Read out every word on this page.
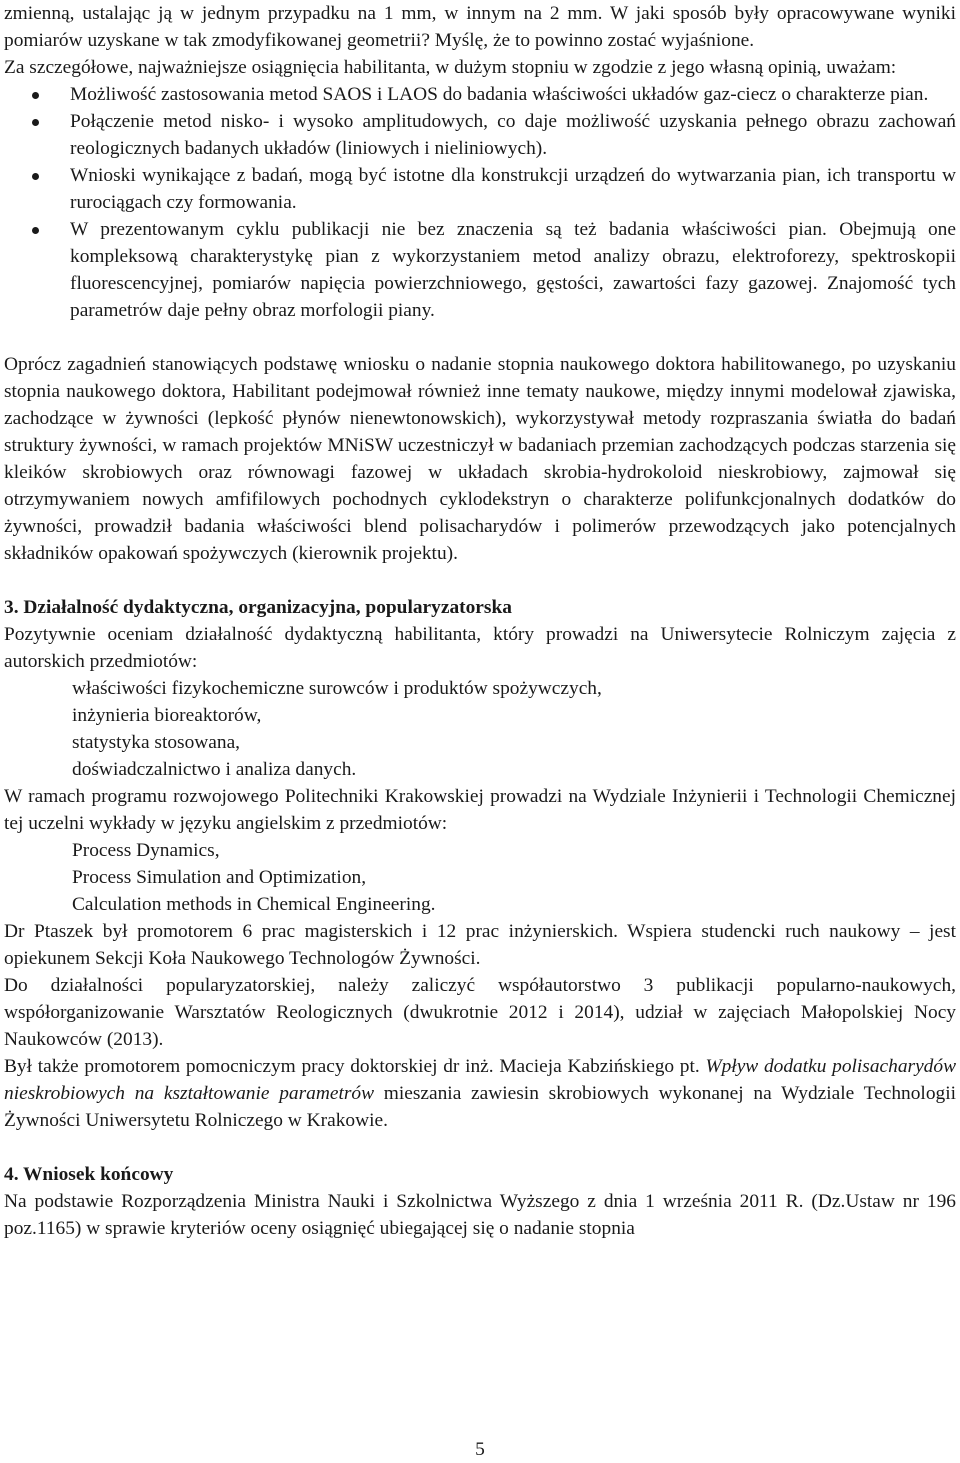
zmienną, ustalając ją w jednym przypadku na 1 mm, w innym na 2 mm. W jaki sposób były opracowywane wyniki pomiarów uzyskane w tak zmodyfikowanej geometrii? Myślę, że to powinno zostać wyjaśnione.

Za szczegółowe, najważniejsze osiągnięcia habilitanta, w dużym stopniu w zgodzie z jego własną opinią, uważam:

Możliwość zastosowania metod SAOS i LAOS do badania właściwości układów gaz-ciecz o charakterze pian.
Połączenie metod nisko- i wysoko amplitudowych, co daje możliwość uzyskania pełnego obrazu zachowań reologicznych badanych układów (liniowych i nieliniowych).
Wnioski wynikające z badań, mogą być istotne dla konstrukcji urządzeń do wytwarzania pian, ich transportu w rurociągach czy formowania.
W prezentowanym cyklu publikacji nie bez znaczenia są też badania właściwości pian. Obejmują one kompleksową charakterystykę pian z wykorzystaniem metod analizy obrazu, elektroforezy, spektroskopii fluorescencyjnej, pomiarów napięcia powierzchniowego, gęstości, zawartości fazy gazowej. Znajomość tych parametrów daje pełny obraz morfologii piany.

Oprócz zagadnień stanowiących podstawę wniosku o nadanie stopnia naukowego doktora habilitowanego, po uzyskaniu stopnia naukowego doktora, Habilitant podejmował również inne tematy naukowe, między innymi modelował zjawiska, zachodzące w żywności (lepkość płynów nienewtonowskich), wykorzystywał metody rozpraszania światła do badań struktury żywności, w ramach projektów MNiSW uczestniczył w badaniach przemian zachodzących podczas starzenia się kleików skrobiowych oraz równowagi fazowej w układach skrobia-hydrokoloid nieskrobiowy, zajmował się otrzymywaniem nowych amfifilowych pochodnych cyklodekstryn o charakterze polifunkcjonalnych dodatków do żywności, prowadził badania właściwości blend polisacharydów i polimerów przewodzących jako potencjalnych składników opakowań spożywczych (kierownik projektu).

3. Działalność dydaktyczna, organizacyjna, popularyzatorska

Pozytywnie oceniam działalność dydaktyczną habilitanta, który prowadzi na Uniwersytecie Rolniczym zajęcia z autorskich przedmiotów:

właściwości fizykochemiczne surowców i produktów spożywczych,
inżynieria bioreaktorów,
statystyka stosowana,
doświadczalnictwo i analiza danych.

W ramach programu rozwojowego Politechniki Krakowskiej prowadzi na Wydziale Inżynierii i Technologii Chemicznej tej uczelni wykłady w języku angielskim z przedmiotów:

Process Dynamics,
Process Simulation and Optimization,
Calculation methods in Chemical Engineering.

Dr Ptaszek był promotorem 6 prac magisterskich i 12 prac inżynierskich. Wspiera studencki ruch naukowy – jest opiekunem Sekcji Koła Naukowego Technologów Żywności.

Do działalności popularyzatorskiej, należy zaliczyć współautorstwo 3 publikacji popularno-naukowych, współorganizowanie Warsztatów Reologicznych (dwukrotnie 2012 i 2014), udział w zajęciach Małopolskiej Nocy Naukowców (2013).

Był także promotorem pomocniczym pracy doktorskiej dr inż. Macieja Kabzińskiego pt. Wpływ dodatku polisacharydów nieskrobiowych na kształtowanie parametrów mieszania zawiesin skrobiowych wykonanej na Wydziale Technologii Żywności Uniwersytetu Rolniczego w Krakowie.

4. Wniosek końcowy

Na podstawie Rozporządzenia Ministra Nauki i Szkolnictwa Wyższego z dnia 1 września 2011 R. (Dz.Ustaw nr 196 poz.1165) w sprawie kryteriów oceny osiągnięć ubiegającej się o nadanie stopnia

5
